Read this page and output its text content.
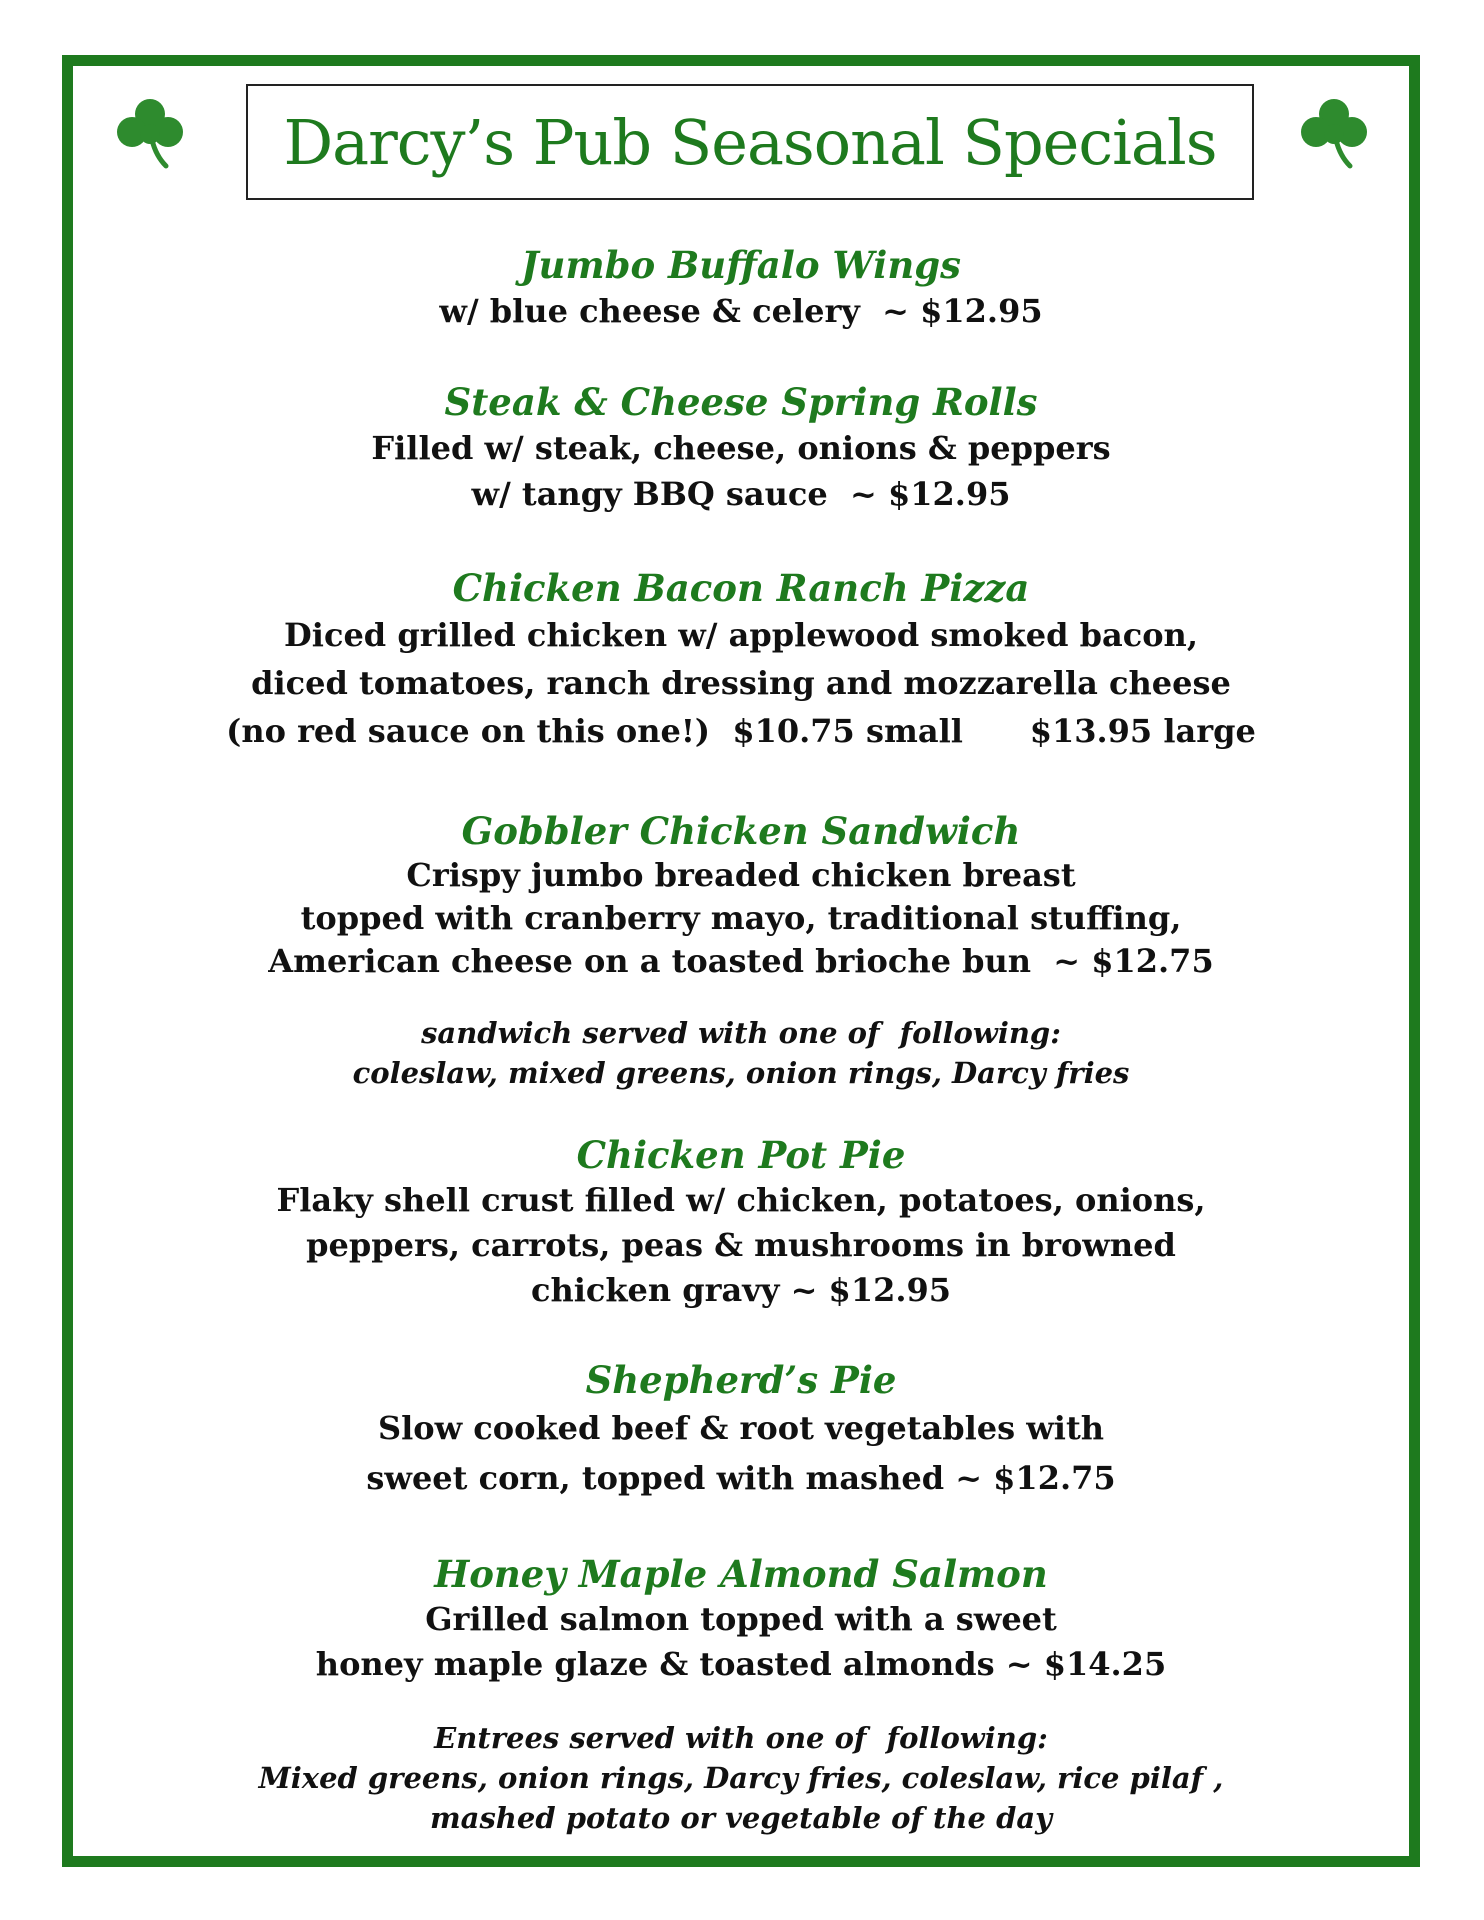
Darcy’s Pub Seasonal Specials
Jumbo Buffalo Wings
w/ blue cheese & celery  ~ $12.95
Steak & Cheese Spring Rolls
Filled w/ steak, cheese, onions & peppers
w/ tangy BBQ sauce  ~ $12.95
Chicken Bacon Ranch Pizza
Diced grilled chicken w/ applewood smoked bacon,
diced tomatoes, ranch dressing and mozzarella cheese
(no red sauce on this one!)  $10.75 small      $13.95 large
Gobbler Chicken Sandwich
Crispy jumbo breaded chicken breast
topped with cranberry mayo, traditional stuffing,
American cheese on a toasted brioche bun  ~ $12.75
sandwich served with one of  following:
coleslaw, mixed greens, onion rings, Darcy fries
Chicken Pot Pie
Flaky shell crust filled w/ chicken, potatoes, onions,
peppers, carrots, peas & mushrooms in browned
chicken gravy ~ $12.95
Shepherd’s Pie
Slow cooked beef & root vegetables with
sweet corn, topped with mashed ~ $12.75
Honey Maple Almond Salmon
Grilled salmon topped with a sweet
honey maple glaze & toasted almonds ~ $14.25
Entrees served with one of  following:
Mixed greens, onion rings, Darcy fries, coleslaw, rice pilaf ,
mashed potato or vegetable of the day
